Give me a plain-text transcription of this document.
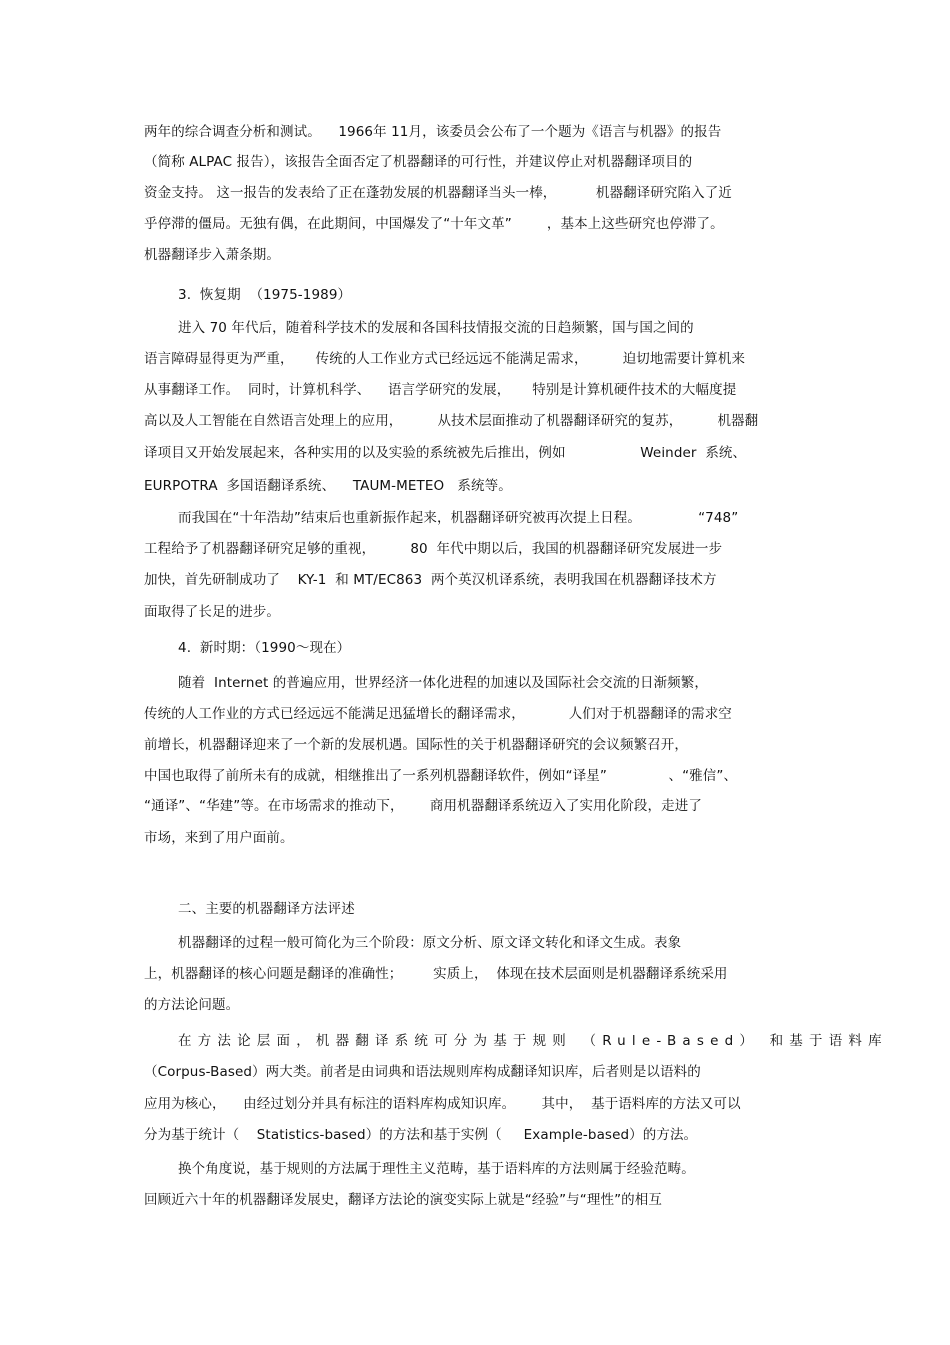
两年的综合调查分析和测试。    1966年 11月，该委员会公布了一个题为《语言与机器》的报告
（简称 ALPAC 报告），该报告全面否定了机器翻译的可行性，并建议停止对机器翻译项目的
资金支持。 这一报告的发表给了正在蓬勃发展的机器翻译当头一棒，         机器翻译研究陷入了近
乎停滞的僵局。无独有偶，在此期间，中国爆发了“十年文革”        ，基本上这些研究也停滞了。
机器翻译步入萧条期。
3.  恢复期  （1975-1989）
进入 70 年代后，随着科学技术的发展和各国科技情报交流的日趋频繁，国与国之间的
语言障碍显得更为严重，     传统的人工作业方式已经远远不能满足需求，        迫切地需要计算机来
从事翻译工作。  同时，计算机科学、    语言学研究的发展，     特别是计算机硬件技术的大幅度提
高以及人工智能在自然语言处理上的应用，        从技术层面推动了机器翻译研究的复苏，        机器翻
译项目又开始发展起来，各种实用的以及实验的系统被先后推出，例如                 Weinder  系统、
EURPOTRA  多国语翻译系统、    TAUM-METEO   系统等。
而我国在“十年浩劫”结束后也重新振作起来，机器翻译研究被再次提上日程。             “748”
工程给予了机器翻译研究足够的重视，        80  年代中期以后，我国的机器翻译研究发展进一步
加快，首先研制成功了    KY-1  和 MT/EC863  两个英汉机译系统，表明我国在机器翻译技术方
面取得了长足的进步。
4.  新时期：（1990～现在）
随着  Internet 的普遍应用，世界经济一体化进程的加速以及国际社会交流的日渐频繁，
传统的人工作业的方式已经远远不能满足迅猛增长的翻译需求，          人们对于机器翻译的需求空
前增长，机器翻译迎来了一个新的发展机遇。国际性的关于机器翻译研究的会议频繁召开，
中国也取得了前所未有的成就，相继推出了一系列机器翻译软件，例如“译星”              、“雅信”、
“通译”、“华建”等。在市场需求的推动下，      商用机器翻译系统迈入了实用化阶段，走进了
市场，来到了用户面前。
二、主要的机器翻译方法评述
机器翻译的过程一般可简化为三个阶段：原文分析、原文译文转化和译文生成。表象
上，机器翻译的核心问题是翻译的准确性；       实质上，  体现在技术层面则是机器翻译系统采用
的方法论问题。
在方法论层面，机器翻译系统可分为基于规则 （Rule-Based） 和基于语料库
（Corpus-Based）两大类。前者是由词典和语法规则库构成翻译知识库，后者则是以语料的
应用为核心，    由经过划分并具有标注的语料库构成知识库。      其中，  基于语料库的方法又可以
分为基于统计（    Statistics-based）的方法和基于实例（     Example-based）的方法。
换个角度说，基于规则的方法属于理性主义范畴，基于语料库的方法则属于经验范畴。
回顾近六十年的机器翻译发展史，翻译方法论的演变实际上就是“经验”与“理性”的相互
